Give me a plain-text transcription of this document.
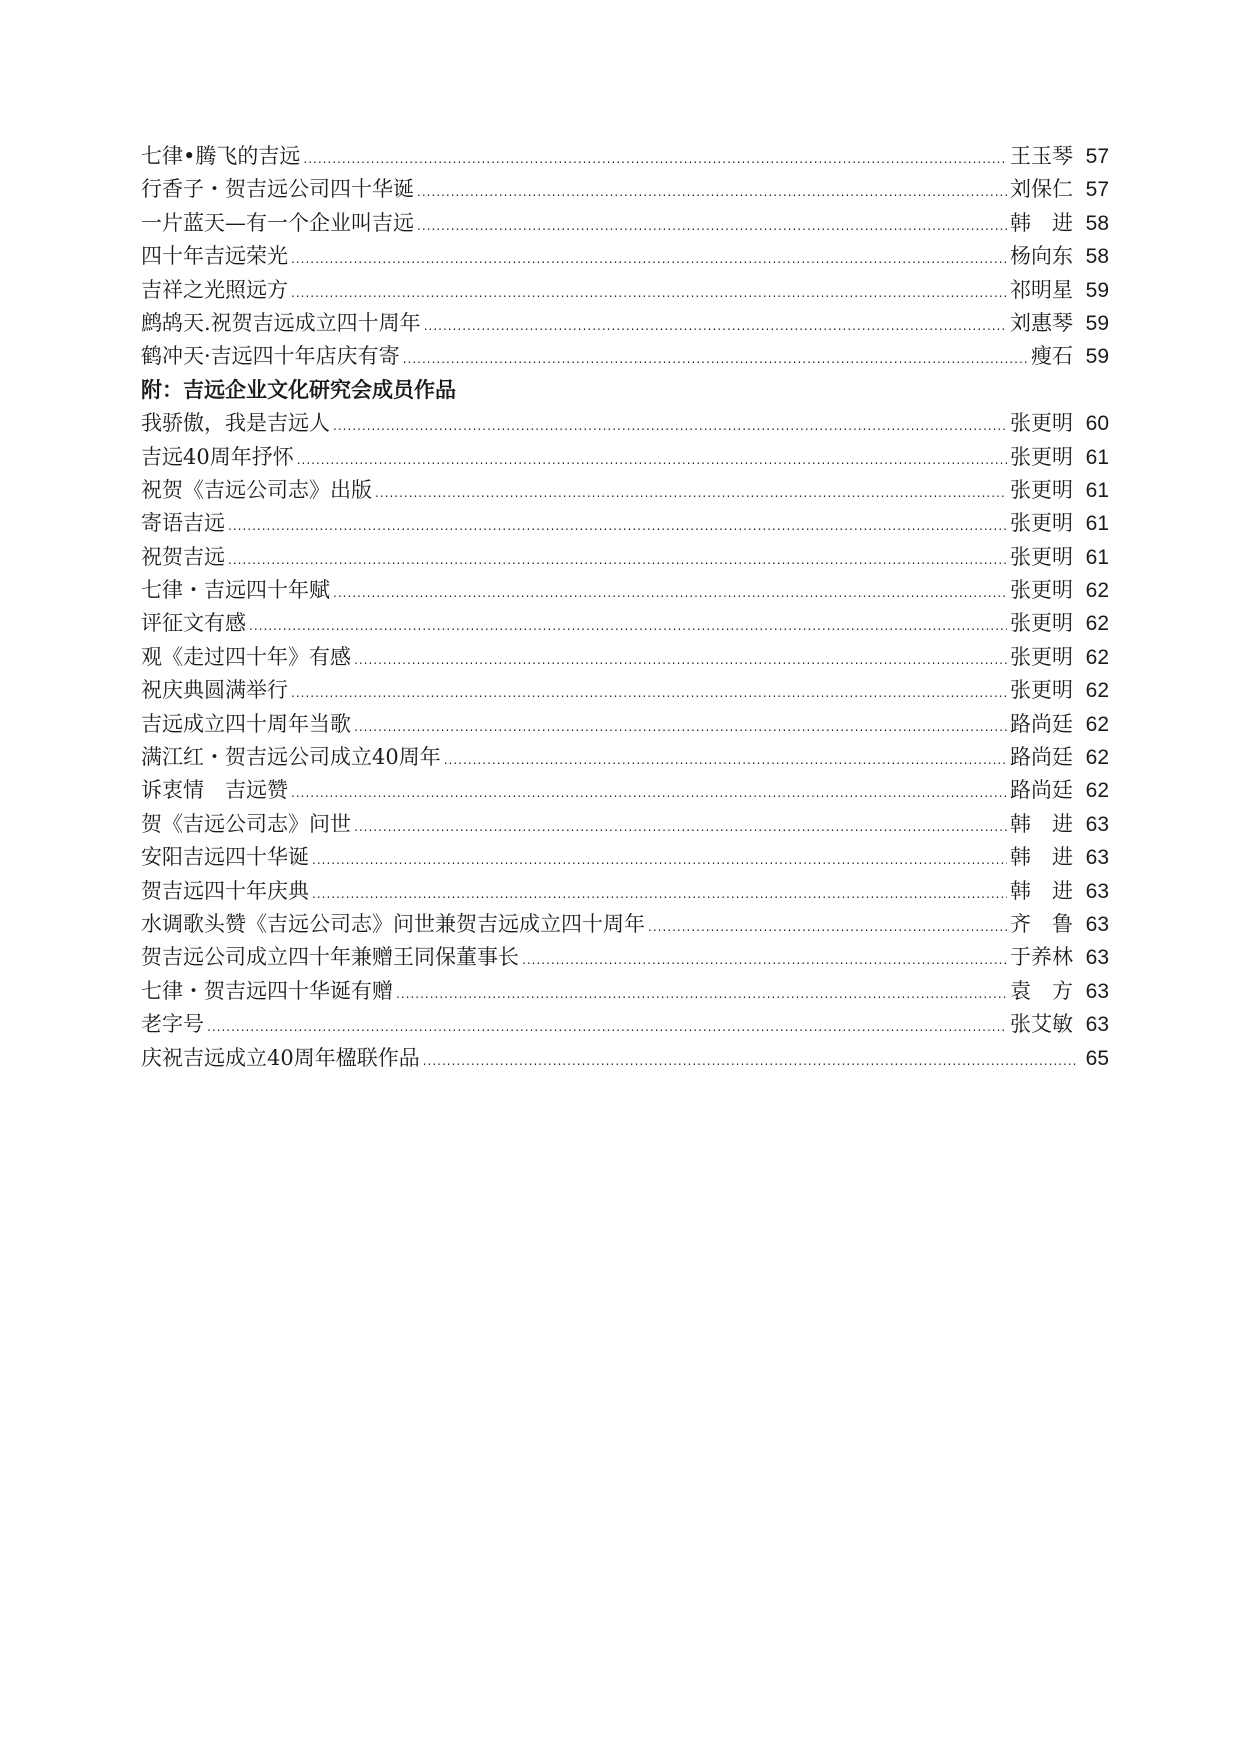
七律•腾飞的吉远 .....	王玉琴 57
行香子・贺吉远公司四十华诞 .....	刘保仁 57
一片蓝天—有一个企业叫吉远 .....	韩　进 58
四十年吉远荣光 .....	杨向东 58
吉祥之光照远方 .....	祁明星 59
鹧鸪天.祝贺吉远成立四十周年 .....	刘惠琴 59
鹤冲天·吉远四十年店庆有寄 .....	瘦石 59
附：吉远企业文化研究会成员作品
我骄傲，我是吉远人 .....	张更明 60
吉远40周年抒怀 .....	张更明 61
祝贺《吉远公司志》出版 .....	张更明 61
寄语吉远 .....	张更明 61
祝贺吉远 .....	张更明 61
七律・吉远四十年赋 .....	张更明 62
评征文有感 .....	张更明 62
观《走过四十年》有感 .....	张更明 62
祝庆典圆满举行 .....	张更明 62
吉远成立四十周年当歌 .....	路尚廷 62
满江红・贺吉远公司成立40周年 .....	路尚廷 62
诉衷情　吉远赞 .....	路尚廷 62
贺《吉远公司志》问世 .....	韩　进 63
安阳吉远四十华诞 .....	韩　进 63
贺吉远四十年庆典 .....	韩　进 63
水调歌头赞《吉远公司志》问世兼贺吉远成立四十周年 .....	齐　鲁 63
贺吉远公司成立四十年兼赠王同保董事长 .....	于养林 63
七律・贺吉远四十华诞有赠 .....	袁　方 63
老字号 .....	张艾敏 63
庆祝吉远成立40周年楹联作品 .....	65
